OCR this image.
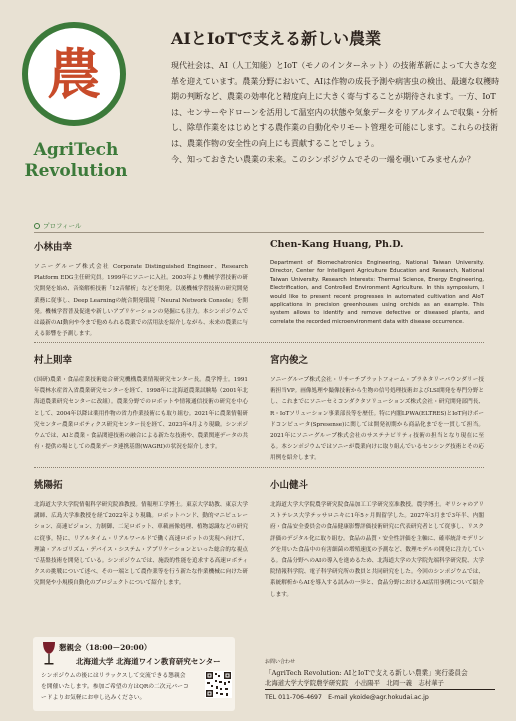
農
AgriTech
Revolution
AIとIoTで支える新しい農業

現代社会は、AI（人工知能）とIoT（モノのインターネット）の技術革新によって大きな変革を迎えています。農業分野において、AIは作物の成長予測や病害虫の検出、最適な収穫時期の判断など、農業の効率化と精度向上に大きく寄与することが期待されます。一方、IoTは、センサーやドローンを活用して温室内の状態や気象データをリアルタイムで収集・分析し、除草作業をはじめとする農作業の自動化やリモート管理を可能にします。これらの技術は、農業作物の安全性の向上にも貢献することでしょう。

今、知っておきたい農業の未来。このシンポジウムでその一端を覗いてみませんか？

プロフィール
小林由幸
ソニーグループ株式会社 Corporate Distinguished Engineer、Research Platform EDG主任研究員。1999年にソニーに入社。2003年より機械学習技術の研究開発を始め、音楽解析技術「12音解析」などを開発。以後機械学習技術の研究開発業務に従事し、Deep Learningの統合開発環境「Neural Network Console」を開発。機械学習普及促進や新しいアプリケーションの発掘にも注力。本シンポジウムでは最新のAI動向や今まで他められる農業での活用法を紹介しながら、未来の農業に与える影響を予測します。
Chen-Kang Huang, Ph.D.
Department of Biomechatronics Engineering, National Taiwan University. Director, Center for Intelligent Agriculture Education and Research, National Taiwan University. Research Interests: Thermal Science, Energy Engineering, Electrification, and Controlled Environment Agriculture. In this symposium, I would like to present recent progresses in automated cultivation and AIoT applications in precision greenhouses using orchids as an example. This system allows to identify and remove defective or diseased plants, and correlate the recorded microenvironment data with disease occurrence.
村上則幸
(国研)農業・食品産業技術総合研究機構農業情報研究センター長。農学博士。1991年農林水産省入省農業研究センターを経て、1998年に北海道農業試験場（2001年北海道農業研究センターに改組）。農業分野でのロボットや情報通信技術の研究を中心として、2004年以降は薬用作物の省力作業技術にも取り組む。2021年に農業情報研究センター農業ロボティクス研究センター長を経て、2023年4月より現職。シンポジウムでは、AIと農業・食品関連技術の融合による新たな技術や、農業関連データの共有・提供の場としての農業データ連携基盤(WAGRI)の状況を紹介します。
宮内俊之
ソニーグループ株式会社・リサーチプラットフォーム・プラネタリーバウンダリー技術担当VP。画像処理や撮像技術から生物の信号処理技術およびLSI開発を専門分野とし、これまでにソニーセミコンダクタソリューションズ株式会社・研究開発部門長、R・IoTソリューション事業部長等を歴任。特に内閣LPWA(ELTRES)とIoT向けボードコンピュータ(Spresense)に関しては開発初期から商品化までを一貫して担当。2021年にソニーグループ株式会社のサステナビリティ技術の担当となり現在に至る。本シンポジウムではソニーが農業向けに取り組んでいるセンシング技術とその応用例を紹介します。
姚陽拓
北海道大学大学院情報科学研究院准教授。情報理工学博士。東京大学助教、東京大学講師、広島大学准教授を経て2022年より現職。ロボットハンド、動的マニピュレーション、高速ビジョン、力制御、二足ロボット、車載画像処理、植物認識などの研究に従事。特に、リアルタイム・リアルワールドで働く高速ロボットの実現へ向けて、理論・アルゴリズム・デバイス・システム・アプリケーションといった総合的な視点で基盤技術を開発している。シンポジウムでは、施設的性能を追求する高速ロボティクスの挑戦について述べ、その一端として農作業等を行う新たな作業機械に向けた研究開発や小規模自動化のプロジェクトについて紹介します。
小山健斗
北海道大学大学院農学研究院食品加工工学研究室准教授。農学博士。ギリシャのアリストテレス大学テッサロニキに1年5ヶ月間留学した。2027年3月まで3年半、内閣府・食品安全委員会の食品健康影響評価技術研究に代表研究者として従事し、リスク評価のデジタル化に取り組む。食品の品質・安全性評価を主軸に、確率統計モデリングを用いた食品中の有害細菌の増殖速度の予測など、数理モデルの開発に注力している。食品分野へのAIの導入を進めるため、北海道大学の大学院先端科学研究院、大学院情報科学院、電子科学研究所の教員と共同研究をした。今回のシンポジウムでは、系統解析からAIを導入する試みの一歩と、食品分野におけるAI活用事例について紹介します。
懇親会（18:00－20:00）
北海道大学 北海道ワイン教育研究センター
シンポジウムの後にはリラックスして交流できる懇親会を開催いたします。参加ご希望の方はQRの二次元バーコードよりお気軽にお申し込みください。
お問い合わせ
「AgriTech Revolution: AIとIoTで支える新しい農業」実行委員会
北海道大学大学院農学研究院　小出陽平　北岡一義　志村華子
TEL 011-706-4697　E-mail ykoide@agr.hokudai.ac.jp
